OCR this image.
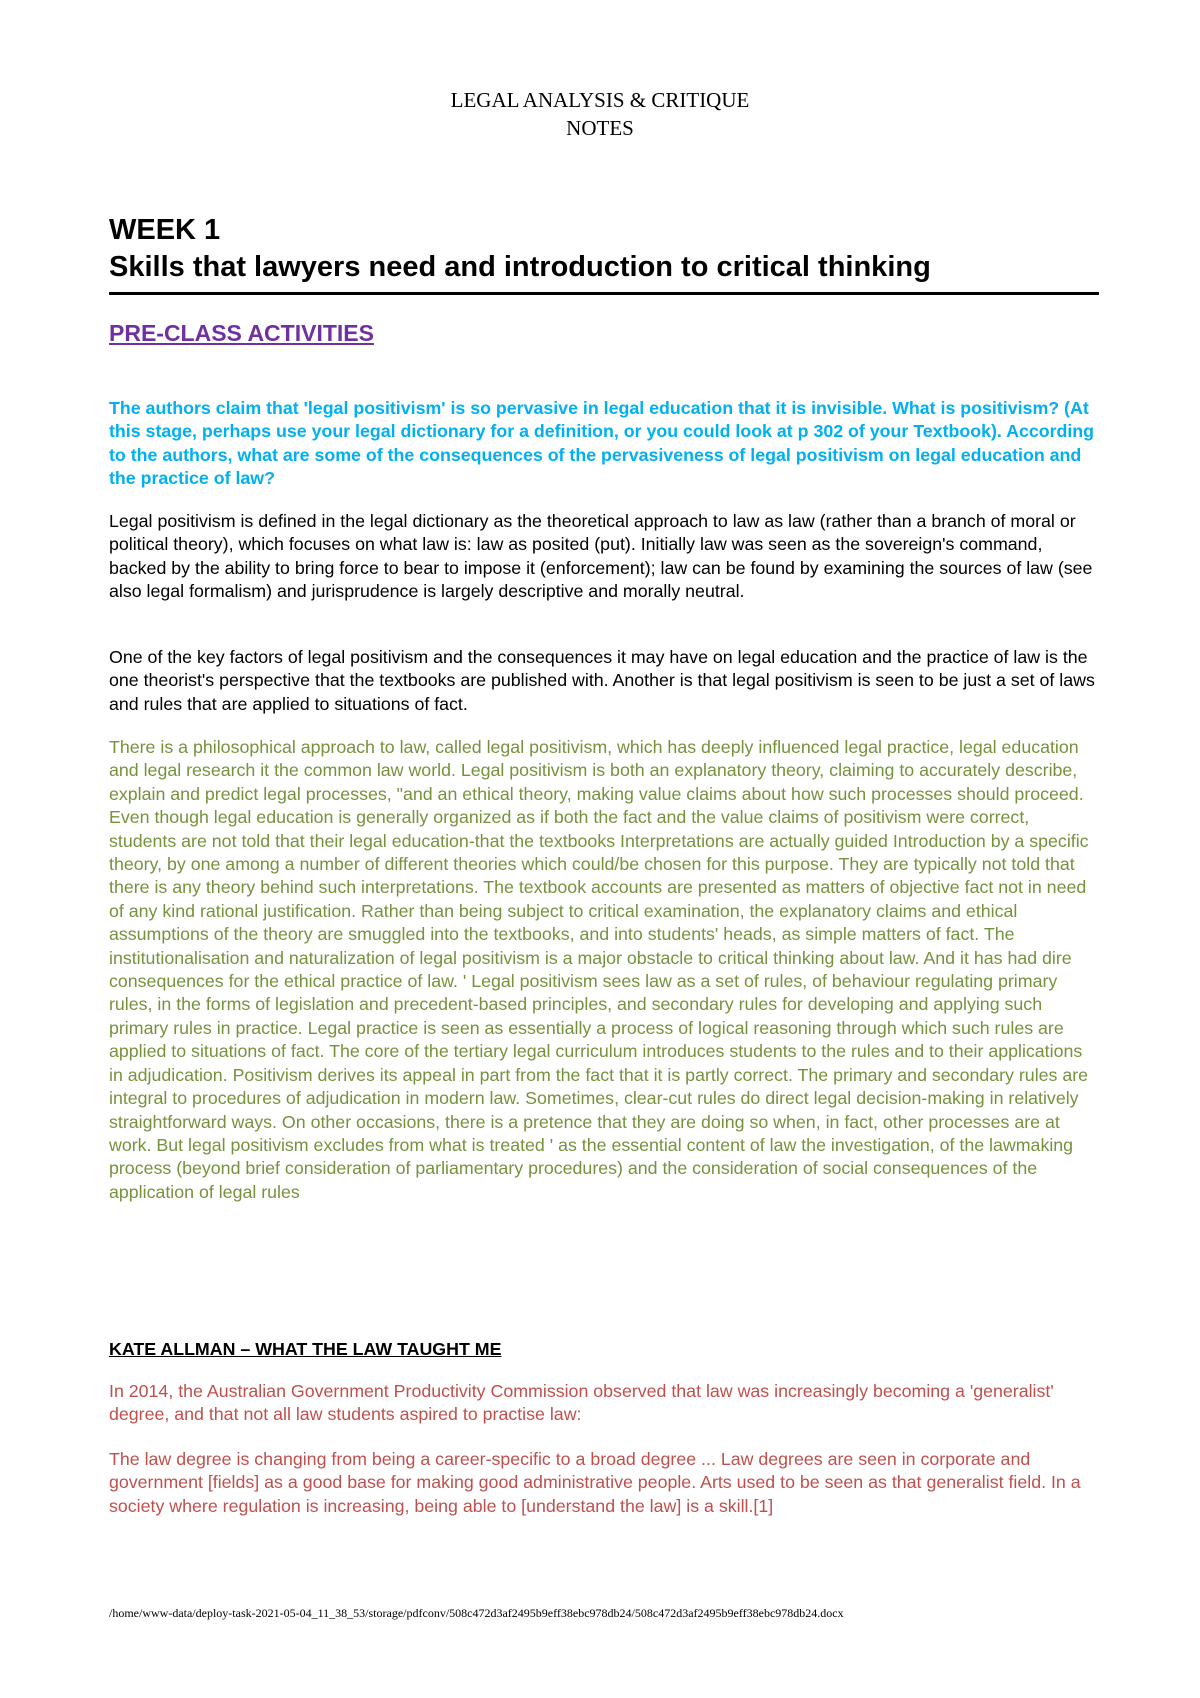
LEGAL ANALYSIS & CRITIQUE
NOTES
WEEK 1
Skills that lawyers need and introduction to critical thinking
PRE-CLASS ACTIVITIES

The authors claim that 'legal positivism' is so pervasive in legal education that it is invisible. What is positivism? (At this stage, perhaps use your legal dictionary for a definition, or you could look at p 302 of your Textbook). According to the authors, what are some of the consequences of the pervasiveness of legal positivism on legal education and the practice of law?

Legal positivism is defined in the legal dictionary as the theoretical approach to law as law (rather than a branch of moral or political theory), which focuses on what law is: law as posited (put). Initially law was seen as the sovereign's command, backed by the ability to bring force to bear to impose it (enforcement); law can be found by examining the sources of law (see also legal formalism) and jurisprudence is largely descriptive and morally neutral.

One of the key factors of legal positivism and the consequences it may have on legal education and the practice of law is the one theorist's perspective that the textbooks are published with. Another is that legal positivism is seen to be just a set of laws and rules that are applied to situations of fact.

There is a philosophical approach to law, called legal positivism, which has deeply influenced legal practice, legal education and legal research it the common law world. Legal positivism is both an explanatory theory, claiming to accurately describe, explain and predict legal processes, "and an ethical theory, making value claims about how such processes should proceed. Even though legal education is generally organized as if both the fact and the value claims of positivism were correct, students are not told that their legal education-that the textbooks Interpretations are actually guided Introduction by a specific theory, by one among a number of different theories which could/be chosen for this purpose. They are typically not told that there is any theory behind such interpretations. The textbook accounts are presented as matters of objective fact not in need of any kind rational justification. Rather than being subject to critical examination, the explanatory claims and ethical assumptions of the theory are smuggled into the textbooks, and into students' heads, as simple matters of fact. The institutionalisation and naturalization of legal positivism is a major obstacle to critical thinking about law. And it has had dire consequences for the ethical practice of law. ' Legal positivism sees law as a set of rules, of behaviour regulating primary rules, in the forms of legislation and precedent-based principles, and secondary rules for developing and applying such primary rules in practice. Legal practice is seen as essentially a process of logical reasoning through which such rules are applied to situations of fact. The core of the tertiary legal curriculum introduces students to the rules and to their applications in adjudication. Positivism derives its appeal in part from the fact that it is partly correct. The primary and secondary rules are integral to procedures of adjudication in modern law. Sometimes, clear-cut rules do direct legal decision-making in relatively straightforward ways. On other occasions, there is a pretence that they are doing so when, in fact, other processes are at work. But legal positivism excludes from what is treated ' as the essential content of law the investigation, of the lawmaking process (beyond brief consideration of parliamentary procedures) and the consideration of social consequences of the application of legal rules

KATE ALLMAN – WHAT THE LAW TAUGHT ME

In 2014, the Australian Government Productivity Commission observed that law was increasingly becoming a 'generalist' degree, and that not all law students aspired to practise law:

The law degree is changing from being a career-specific to a broad degree ... Law degrees are seen in corporate and government [fields] as a good base for making good administrative people. Arts used to be seen as that generalist field. In a society where regulation is increasing, being able to [understand the law] is a skill.[1]

/home/www-data/deploy-task-2021-05-04_11_38_53/storage/pdfconv/508c472d3af2495b9eff38ebc978db24/508c472d3af2495b9eff38ebc978db24.docx
